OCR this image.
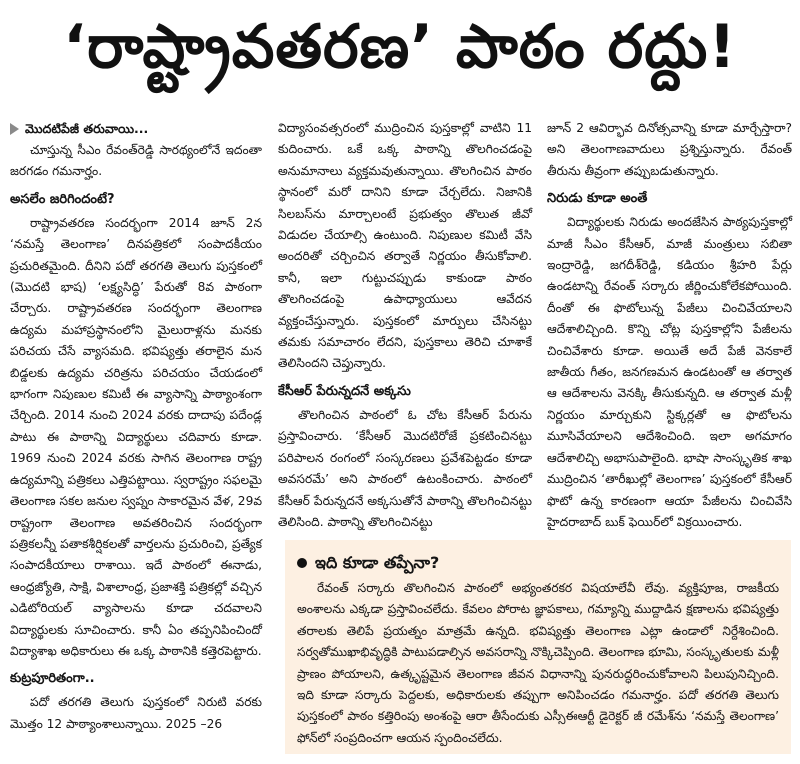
‘రాష్ట్రావతరణ’ పాఠం రద్దు!
మొదటిపేజీ తరువాయి...

చూస్తున్న సీఎం రేవంత్‌రెడ్డి సారథ్యంలోనే ఇదంతా జరగడం గమనార్హం.

అసలేం జరిగిందంటే?

రాష్ట్రావతరణ సందర్భంగా 2014 జూన్ 2న ‘నమస్తే తెలంగాణ’ దినపత్రికలో సంపాదకీయం ప్రచురితమైంది. దీనిని పదో తరగతి తెలుగు పుస్తకంలో (మొదటి భాష) ‘లక్ష్యసిద్ధి’ పేరుతో 8వ పాఠంగా చేర్చారు. రాష్ట్రావతరణ సందర్భంగా తెలంగాణ ఉద్యమ మహాప్రస్థానంలోని మైలురాళ్లను మనకు పరిచయ చేసే వ్యాసమది. భవిష్యత్తు తరాలైన మన బిడ్డలకు ఉద్యమ చరిత్రను పరిచయం చేయడంలో భాగంగా నిపుణుల కమిటీ ఈ వ్యాసాన్ని పాఠ్యాంశంగా చేర్చింది. 2014 నుంచి 2024 వరకు దాదాపు పదేండ్ల పాటు ఈ పాఠాన్ని విద్యార్థులు చదివారు కూడా. 1969 నుంచి 2024 వరకు సాగిన తెలంగాణ రాష్ట్ర ఉద్యమాన్ని పత్రికలు ఎత్తిపట్టాయి. స్వరాష్ట్రం సఫలమై తెలంగాణ సకల జనుల స్వప్నం సాకారమైన వేళ, 29వ రాష్ట్రంగా తెలంగాణ అవతరించిన సందర్భంగా పత్రికలన్నీ పతాకశీర్షికలతో వార్తలను ప్రచురించి, ప్రత్యేక సంపాదకీయాలు రాశాయి. ఇదే పాఠంలో ఈనాడు, ఆంధ్రజ్యోతి, సాక్షి, విశాలాంధ్ర, ప్రజాశక్తి పత్రికల్లో వచ్చిన ఎడిటోరియల్ వ్యాసాలను కూడా చదవాలని విద్యార్థులకు సూచించారు. కానీ ఏం తప్పనిపించిందో విద్యాశాఖ అధికారులు ఈ ఒక్క పాఠానికి కత్తెరపెట్టారు.

కుట్రపూరితంగా..

పదో తరగతి తెలుగు పుస్తకంలో నిరుటి వరకు మొత్తం 12 పాఠ్యాంశాలున్నాయి. 2025 –26

విద్యాసంవత్సరంలో ముద్రించిన పుస్తకాల్లో వాటిని 11 కుదించారు. ఒకే ఒక్క పాఠాన్ని తొలగించడంపై అనుమానాలు వ్యక్తమవుతున్నాయి. తొలగించిన పాఠం స్థానంలో మరో దానిని కూడా చేర్చలేదు. నిజానికి సిలబస్‌ను మార్చాలంటే ప్రభుత్వం తొలుత జీవో విడుదల చేయాల్సి ఉంటుంది. నిపుణుల కమిటీ వేసి అందరితో చర్చించిన తర్వాతే నిర్ణయం తీసుకోవాలి. కానీ, ఇలా గుట్టుచప్పుడు కాకుండా పాఠం తొలగించడంపై ఉపాధ్యాయులు ఆవేదన వ్యక్తంచేస్తున్నారు. పుస్తకంలో మార్పులు చేసినట్టు తమకు సమాచారం లేదని, పుస్తకాలు తెరిచి చూశాకే తెలిసిందని చెప్తున్నారు.

కేసీఆర్ పేరున్నదనే అక్కసు

తొలగించిన పాఠంలో ఓ చోట కేసీఆర్ పేరును ప్రస్తావించారు. ‘కేసీఆర్ మొదటిరోజే ప్రకటించినట్టు పరిపాలన రంగంలో సంస్కరణలు ప్రవేశపెట్టడం కూడా అవసరమే’ అని పాఠంలో ఉటంకించారు. పాఠంలో కేసీఆర్ పేరున్నదనే అక్కసుతోనే పాఠాన్ని తొలగించినట్టు తెలిసింది. పాఠాన్ని తొలగించినట్టు

జూన్ 2 ఆవిర్భావ దినోత్సవాన్ని కూడా మార్చేస్తారా? అని తెలంగాణవాదులు ప్రశ్నిస్తున్నారు. రేవంత్ తీరును తీవ్రంగా తప్పుబడుతున్నారు.

నిరుడు కూడా అంతే

విద్యార్థులకు నిరుడు అందజేసిన పాఠ్యపుస్తకాల్లో మాజీ సీఎం కేసీఆర్, మాజీ మంత్రులు సబితా ఇంద్రారెడ్డి, జగదీశ్‌రెడ్డి, కడియం శ్రీహరి పేర్లు ఉండటాన్ని రేవంత్ సర్కారు జీర్ణించుకోలేకపోయింది. దీంతో ఈ ఫొటోలున్న పేజీలు చించివేయాలని ఆదేశాలిచ్చింది. కొన్ని చోట్ల పుస్తకాల్లోని పేజీలను చించివేశారు కూడా. అయితే అదే పేజీ వెనకాలే జాతీయ గీతం, జనగణమన ఉండటంతో ఆ తర్వాత ఆ ఆదేశాలను వెనక్కి తీసుకున్నది. ఆ తర్వాత మళ్లీ నిర్ణయం మార్చుకుని స్టిక్కర్లతో ఆ ఫొటోలను మూసివేయాలని ఆదేశించింది. ఇలా అగమాగం ఆదేశాలిచ్చి అభాసుపాలైంది. భాషా సాంస్కృతిక శాఖ ముద్రించిన ‘తారీఖుల్లో తెలంగాణ’ పుస్తకంలో కేసీఆర్ ఫొటో ఉన్న కారణంగా ఆయా పేజీలను చించివేసి హైదరాబాద్ బుక్ ఫెయిర్‌లో విక్రయించారు.

ఇది కూడా తప్పేనా?

రేవంత్ సర్కారు తొలగించిన పాఠంలో అభ్యంతరకర విషయాలేవీ లేవు. వ్యక్తిపూజ, రాజకీయ అంశాలను ఎక్కడా ప్రస్తావించలేదు. కేవలం పోరాట జ్ఞాపకాలు, గమ్యాన్ని ముద్దాడిన క్షణాలను భవిష్యత్తు తరాలకు తెలిపే ప్రయత్నం మాత్రమే ఉన్నది. భవిష్యత్తు తెలంగాణ ఎట్లా ఉండాలో నిర్దేశించింది. సర్వతోముఖాభివృద్ధికి పాటుపడాల్సిన అవసరాన్ని నొక్కిచెప్పింది. తెలంగాణ భూమి, సంస్కృతులకు మళ్లీ ప్రాణం పోయాలని, ఉత్కృష్టమైన తెలంగాణ జీవన విధానాన్ని పునరుద్ధరించుకోవాలని పిలుపునిచ్చింది. ఇది కూడా సర్కారు పెద్దలకు, అధికారులకు తప్పుగా అనిపించడం గమనార్హం. పదో తరగతి తెలుగు పుస్తకంలో పాఠం కత్తిరింపు అంశంపై ఆరా తీసేందుకు ఎస్సీఈఆర్టీ డైరెక్టర్ జీ రమేశ్‌ను ‘నమస్తే తెలంగాణ’ ఫోన్‌లో సంప్రదించగా ఆయన స్పందించలేదు.
